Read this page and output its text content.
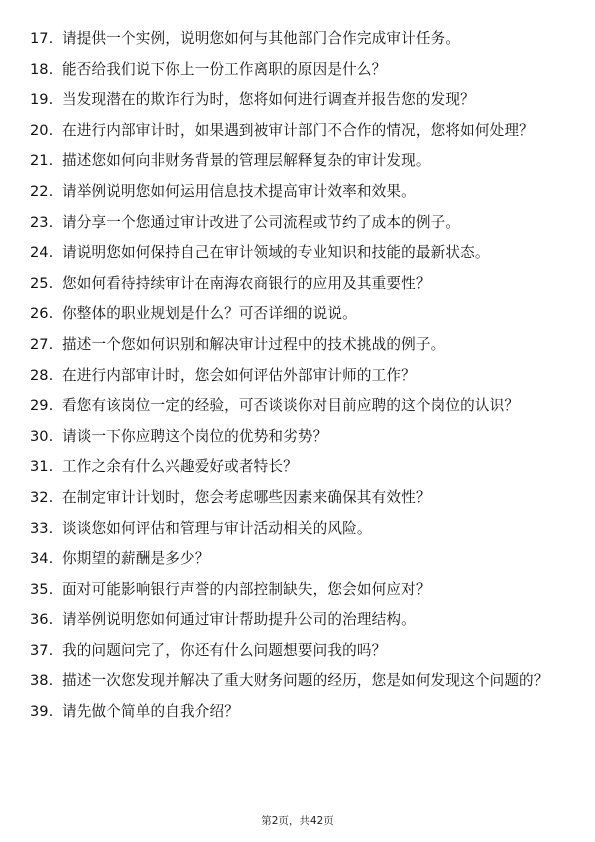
17. 请提供一个实例，说明您如何与其他部门合作完成审计任务。
18. 能否给我们说下你上一份工作离职的原因是什么？
19. 当发现潜在的欺诈行为时，您将如何进行调查并报告您的发现？
20. 在进行内部审计时，如果遇到被审计部门不合作的情况，您将如何处理？
21. 描述您如何向非财务背景的管理层解释复杂的审计发现。
22. 请举例说明您如何运用信息技术提高审计效率和效果。
23. 请分享一个您通过审计改进了公司流程或节约了成本的例子。
24. 请说明您如何保持自己在审计领域的专业知识和技能的最新状态。
25. 您如何看待持续审计在南海农商银行的应用及其重要性？
26. 你整体的职业规划是什么？可否详细的说说。
27. 描述一个您如何识别和解决审计过程中的技术挑战的例子。
28. 在进行内部审计时，您会如何评估外部审计师的工作？
29. 看您有该岗位一定的经验，可否谈谈你对目前应聘的这个岗位的认识？
30. 请谈一下你应聘这个岗位的优势和劣势？
31. 工作之余有什么兴趣爱好或者特长？
32. 在制定审计计划时，您会考虑哪些因素来确保其有效性？
33. 谈谈您如何评估和管理与审计活动相关的风险。
34. 你期望的薪酬是多少？
35. 面对可能影响银行声誉的内部控制缺失，您会如何应对？
36. 请举例说明您如何通过审计帮助提升公司的治理结构。
37. 我的问题问完了，你还有什么问题想要问我的吗？
38. 描述一次您发现并解决了重大财务问题的经历，您是如何发现这个问题的？
39. 请先做个简单的自我介绍？
第2页，共42页
